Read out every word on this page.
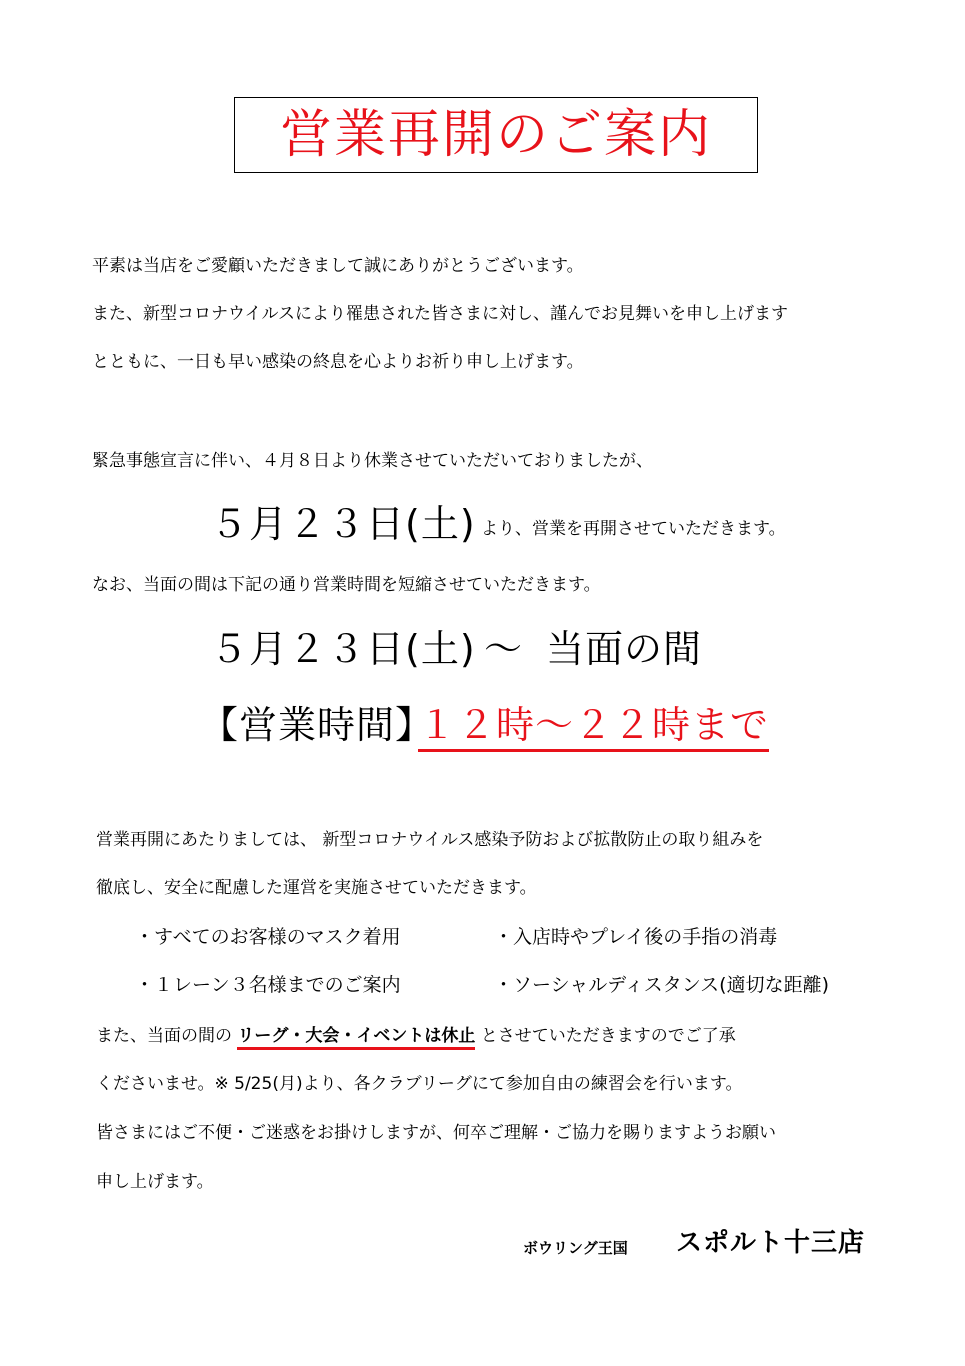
営業再開のご案内
平素は当店をご愛顧いただきまして誠にありがとうございます。
また、新型コロナウイルスにより罹患された皆さまに対し、謹んでお見舞いを申し上げます
とともに、一日も早い感染の終息を心よりお祈り申し上げます。
緊急事態宣言に伴い、４月８日より休業させていただいておりましたが、
５月２３日(土) より、営業を再開させていただきます。
なお、当面の間は下記の通り営業時間を短縮させていただきます。
５月２３日(土) 〜 当面の間
【営業時間】
１２時〜２２時まで
営業再開にあたりましては、 新型コロナウイルス感染予防および拡散防止の取り組みを
徹底し、安全に配慮した運営を実施させていただきます。
・すべてのお客様のマスク着用	・入店時やプレイ後の手指の消毒
・１レーン３名様までのご案内	・ソーシャルディスタンス(適切な距離)
また、当面の間の リーグ・大会・イベントは休止 とさせていただきますのでご了承
くださいませ。※ 5/25(月)より、各クラブリーグにて参加自由の練習会を行います。
皆さまにはご不便・ご迷惑をお掛けしますが、何卒ご理解・ご協力を賜りますようお願い
申し上げます。
ボウリング王国 スポルト十三店
